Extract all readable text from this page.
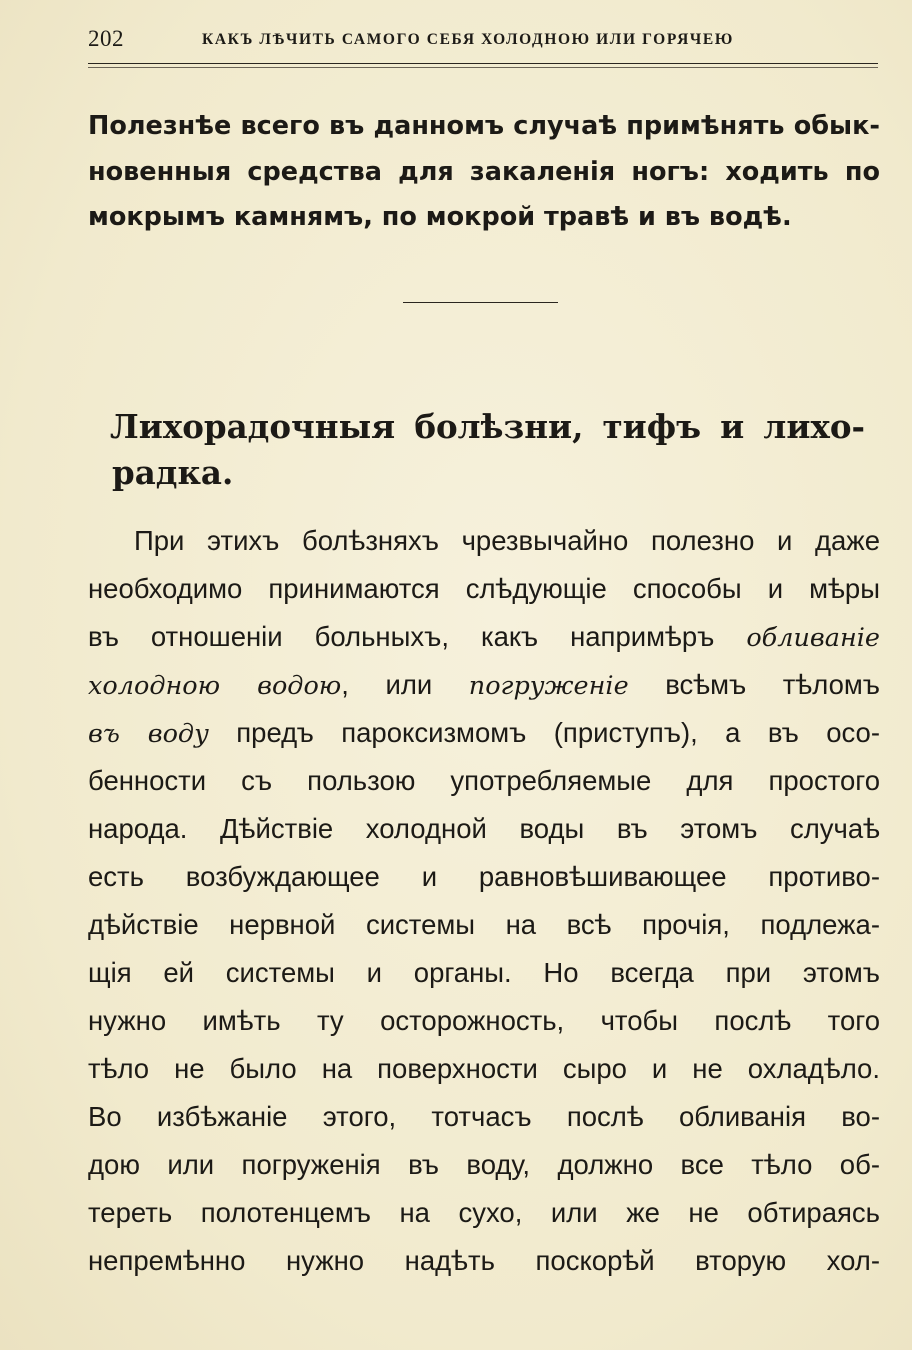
202	КАКЪ ЛѢЧИТЬ САМОГО СЕБЯ ХОЛОДНОЮ ИЛИ ГОРЯЧЕЮ
Полезнѣе всего въ данномъ случаѣ примѣнять обык-
новенныя средства для закаленія ногъ: ходить по
мокрымъ камнямъ, по мокрой травѣ и въ водѣ.
Лихорадочныя болѣзни, тифъ и лихо-
радка.
При этихъ болѣзняхъ чрезвычайно полезно и даже
необходимо принимаются слѣдующіе способы и мѣры
въ отношеніи больныхъ, какъ напримѣръ обливаніе
холодною водою, или погруженіе всѣмъ тѣломъ
въ воду предъ пароксизмомъ (приступъ), а въ осо-
бенности съ пользою употребляемые для простого
народа. Дѣйствіе холодной воды въ этомъ случаѣ
есть возбуждающее и равновѣшивающее противо-
дѣйствіе нервной системы на всѣ прочія, подлежа-
щія ей системы и органы. Но всегда при этомъ
нужно имѣть ту осторожность, чтобы послѣ того
тѣло не было на поверхности сыро и не охладѣло.
Во избѣжаніе этого, тотчасъ послѣ обливанія во-
дою или погруженія въ воду, должно все тѣло об-
тереть полотенцемъ на сухо, или же не обтираясь
непремѣнно нужно надѣть поскорѣй вторую хол-
